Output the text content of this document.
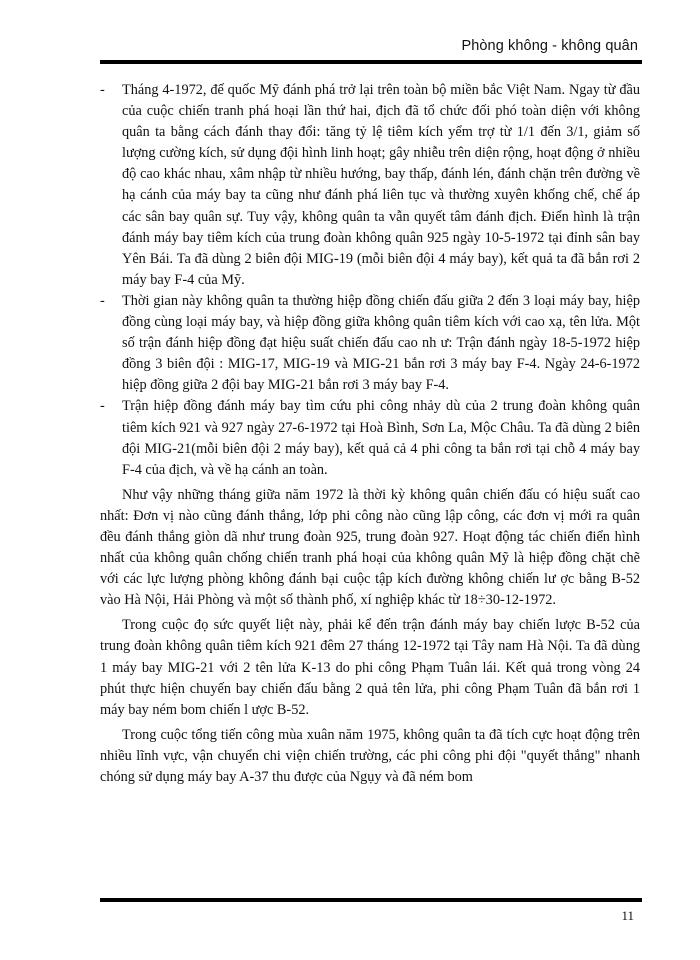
Phòng không - không quân

- Tháng 4-1972, đế quốc Mỹ đánh phá trở lại trên toàn bộ miền bắc Việt Nam. Ngay từ đầu của cuộc chiến tranh phá hoại lần thứ hai, địch đã tổ chức đối phó toàn diện với không quân ta bằng cách đánh thay đổi: tăng tỷ lệ tiêm kích yểm trợ từ 1/1 đến 3/1, giảm số lượng cường kích, sử dụng đội hình linh hoạt; gây nhiễu trên diện rộng, hoạt động ở nhiều độ cao khác nhau, xâm nhập từ nhiều hướng, bay thấp, đánh lén, đánh chặn trên đường về hạ cánh của máy bay ta cũng như đánh phá liên tục và thường xuyên khống chế, chế áp các sân bay quân sự. Tuy vậy, không quân ta vẫn quyết tâm đánh địch. Điển hình là trận đánh máy bay tiêm kích của trung đoàn không quân 925 ngày 10-5-1972 tại đỉnh sân bay Yên Bái. Ta đã dùng 2 biên đội MIG-19 (mỗi biên đội 4 máy bay), kết quả ta đã bắn rơi 2 máy bay F-4 của Mỹ.

- Thời gian này không quân ta thường hiệp đồng chiến đấu giữa 2 đến 3 loại máy bay, hiệp đồng cùng loại máy bay, và hiệp đồng giữa không quân tiêm kích với cao xạ, tên lửa. Một số trận đánh hiệp đồng đạt hiệu suất chiến đấu cao nh ư: Trận đánh ngày 18-5-1972 hiệp đồng 3 biên đội : MIG-17, MIG-19 và MIG-21 bắn rơi 3 máy bay F-4. Ngày 24-6-1972 hiệp đồng giữa 2 đội bay MIG-21 bắn rơi 3 máy bay F-4.

- Trận hiệp đồng đánh máy bay tìm cứu phi công nhảy dù của 2 trung đoàn không quân tiêm kích 921 và 927 ngày 27-6-1972 tại Hoà Bình, Sơn La, Mộc Châu. Ta đã dùng 2 biên đội MIG-21(mỗi biên đội 2 máy bay), kết quả cả 4 phi công ta bắn rơi tại chỗ 4 máy bay F-4 của địch, và về hạ cánh an toàn.

Như vậy những tháng giữa năm 1972 là thời kỳ không quân chiến đấu có hiệu suất cao nhất: Đơn vị nào cũng đánh thắng, lớp phi công nào cũng lập công, các đơn vị mới ra quân đều đánh thắng giòn dã như trung đoàn 925, trung đoàn 927. Hoạt động tác chiến điển hình nhất của không quân chống chiến tranh phá hoại của không quân Mỹ là hiệp đồng chặt chẽ với các lực lượng phòng không đánh bại cuộc tập kích đường không chiến lư ợc bằng B-52 vào Hà Nội, Hải Phòng và một số thành phố, xí nghiệp khác từ 18÷30-12-1972.

Trong cuộc đọ sức quyết liệt này, phải kể đến trận đánh máy bay chiến lược B-52 của trung đoàn không quân tiêm kích 921 đêm 27 tháng 12-1972 tại Tây nam Hà Nội. Ta đã dùng 1 máy bay MIG-21 với 2 tên lửa K-13 do phi công Phạm Tuân lái. Kết quả trong vòng 24 phút thực hiện chuyến bay chiến đấu bằng 2 quả tên lửa, phi công Phạm Tuân đã bắn rơi 1 máy bay ném bom chiến l ược B-52.

Trong cuộc tổng tiến công mùa xuân năm 1975, không quân ta đã tích cực hoạt động trên nhiều lĩnh vực, vận chuyển chi viện chiến trường, các phi công phi đội "quyết thắng" nhanh chóng sử dụng máy bay A-37 thu được của Ngụy và đã ném bom

11
